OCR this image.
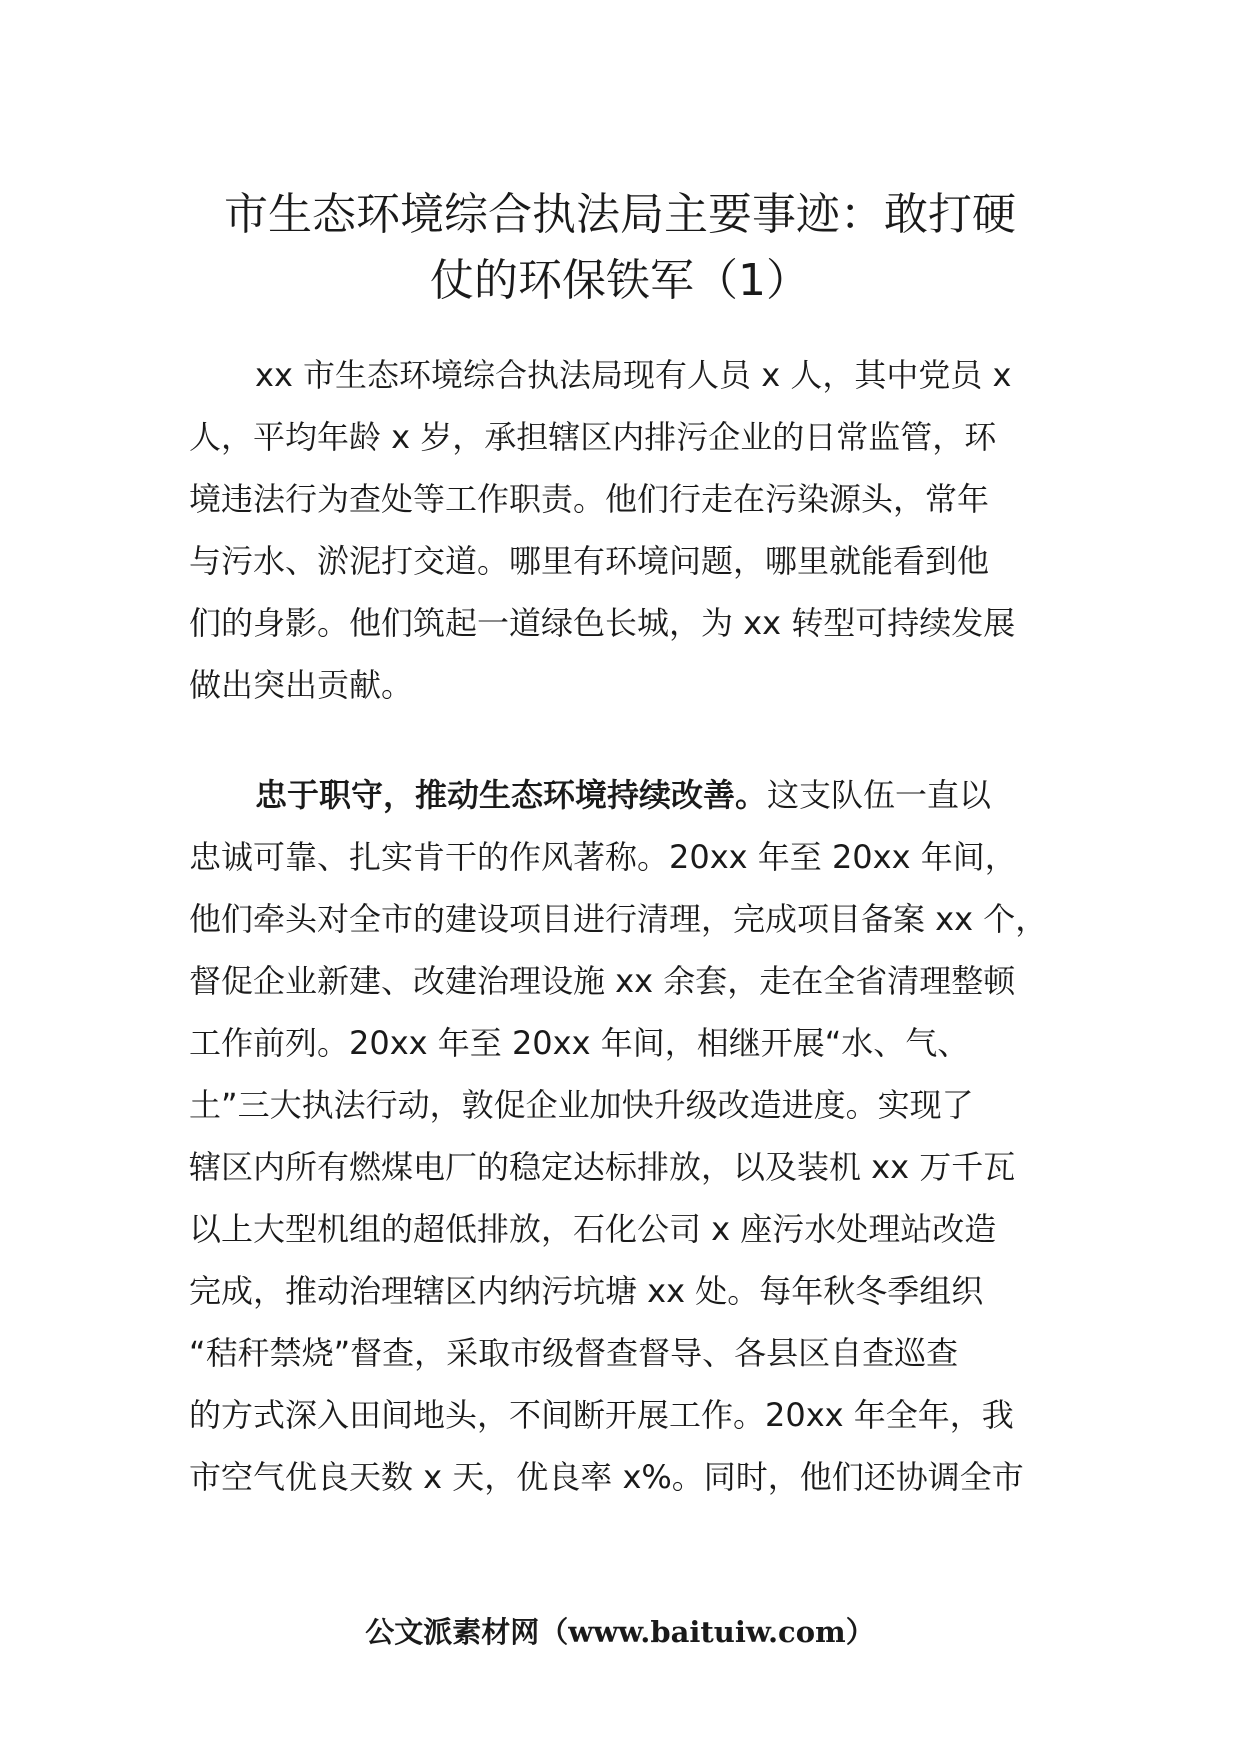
市生态环境综合执法局主要事迹：敢打硬
仗的环保铁军（1）
xx 市生态环境综合执法局现有人员 x 人，其中党员 x
人，平均年龄 x 岁，承担辖区内排污企业的日常监管，环
境违法行为查处等工作职责。他们行走在污染源头，常年
与污水、淤泥打交道。哪里有环境问题，哪里就能看到他
们的身影。他们筑起一道绿色长城，为 xx 转型可持续发展
做出突出贡献。
忠于职守，推动生态环境持续改善。这支队伍一直以
忠诚可靠、扎实肯干的作风著称。20xx 年至 20xx 年间，
他们牵头对全市的建设项目进行清理，完成项目备案 xx 个，
督促企业新建、改建治理设施 xx 余套，走在全省清理整顿
工作前列。20xx 年至 20xx 年间，相继开展“水、气、
土”三大执法行动，敦促企业加快升级改造进度。实现了
辖区内所有燃煤电厂的稳定达标排放，以及装机 xx 万千瓦
以上大型机组的超低排放，石化公司 x 座污水处理站改造
完成，推动治理辖区内纳污坑塘 xx 处。每年秋冬季组织
“秸秆禁烧”督查，采取市级督查督导、各县区自查巡查
的方式深入田间地头，不间断开展工作。20xx 年全年，我
市空气优良天数 x 天，优良率 x%。同时，他们还协调全市
公文派素材网（www.baituiw.com）
